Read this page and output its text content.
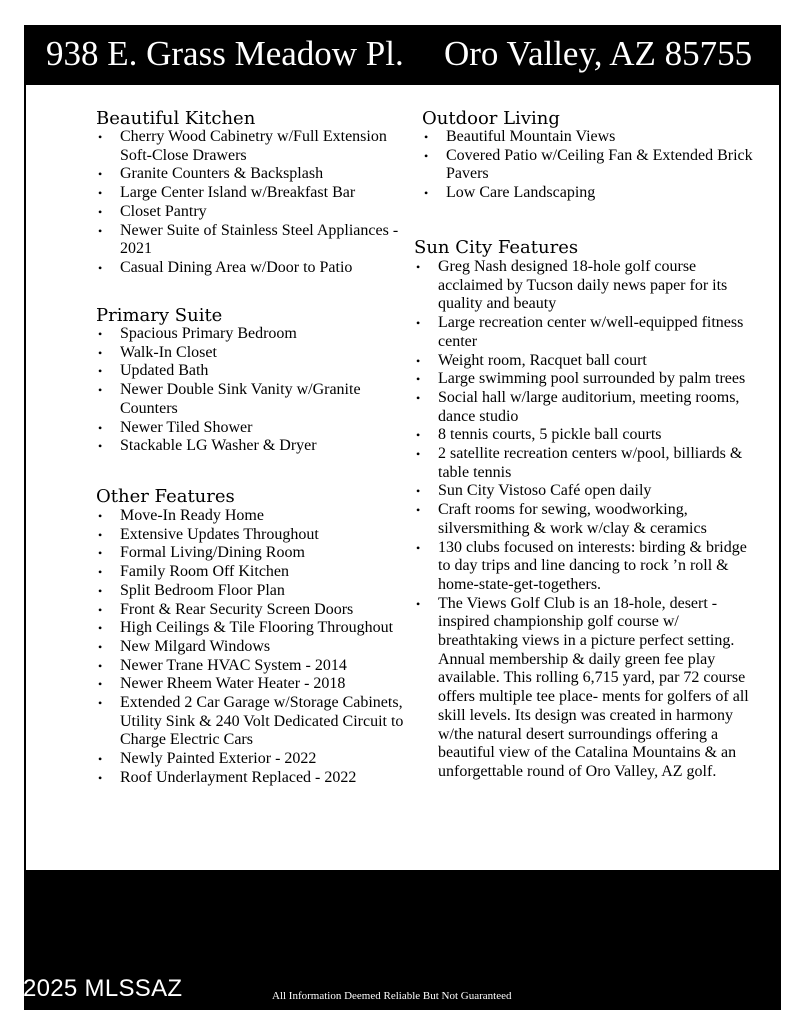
938 E. Grass Meadow Pl. Oro Valley, AZ 85755
Beautiful Kitchen
• Cherry Wood Cabinetry w/Full Extension Soft-Close Drawers
• Granite Counters & Backsplash
• Large Center Island w/Breakfast Bar
• Closet Pantry
• Newer Suite of Stainless Steel Appliances - 2021
• Casual Dining Area w/Door to Patio
Primary Suite
• Spacious Primary Bedroom
• Walk-In Closet
• Updated Bath
• Newer Double Sink Vanity w/Granite Counters
• Newer Tiled Shower
• Stackable LG Washer & Dryer
Other Features
• Move-In Ready Home
• Extensive Updates Throughout
• Formal Living/Dining Room
• Family Room Off Kitchen
• Split Bedroom Floor Plan
• Front & Rear Security Screen Doors
• High Ceilings & Tile Flooring Throughout
• New Milgard Windows
• Newer Trane HVAC System - 2014
• Newer Rheem Water Heater - 2018
• Extended 2 Car Garage w/Storage Cabinets, Utility Sink & 240 Volt Dedicated Circuit to Charge Electric Cars
• Newly Painted Exterior - 2022
• Roof Underlayment Replaced - 2022
Outdoor Living
• Beautiful Mountain Views
• Covered Patio w/Ceiling Fan & Extended Brick Pavers
• Low Care Landscaping
Sun City Features
• Greg Nash designed 18-hole golf course acclaimed by Tucson daily news paper for its quality and beauty
• Large recreation center w/well-equipped fitness center
• Weight room, Racquet ball court
• Large swimming pool surrounded by palm trees
• Social hall w/large auditorium, meeting rooms, dance studio
• 8 tennis courts, 5 pickle ball courts
• 2 satellite recreation centers w/pool, billiards & table tennis
• Sun City Vistoso Café open daily
• Craft rooms for sewing, woodworking, silversmithing & work w/clay & ceramics
• 130 clubs focused on interests: birding & bridge to day trips and line dancing to rock ’n roll & home-state-get-togethers.
• The Views Golf Club is an 18-hole, desert -inspired championship golf course w/ breathtaking views in a picture perfect setting. Annual membership & daily green fee play available. This rolling 6,715 yard, par 72 course offers multiple tee place- ments for golfers of all skill levels. Its design was created in harmony w/the natural desert surroundings offering a beautiful view of the Catalina Mountains & an unforgettable round of Oro Valley, AZ golf.
©2025 MLSSAZ	All Information Deemed Reliable But Not Guaranteed
